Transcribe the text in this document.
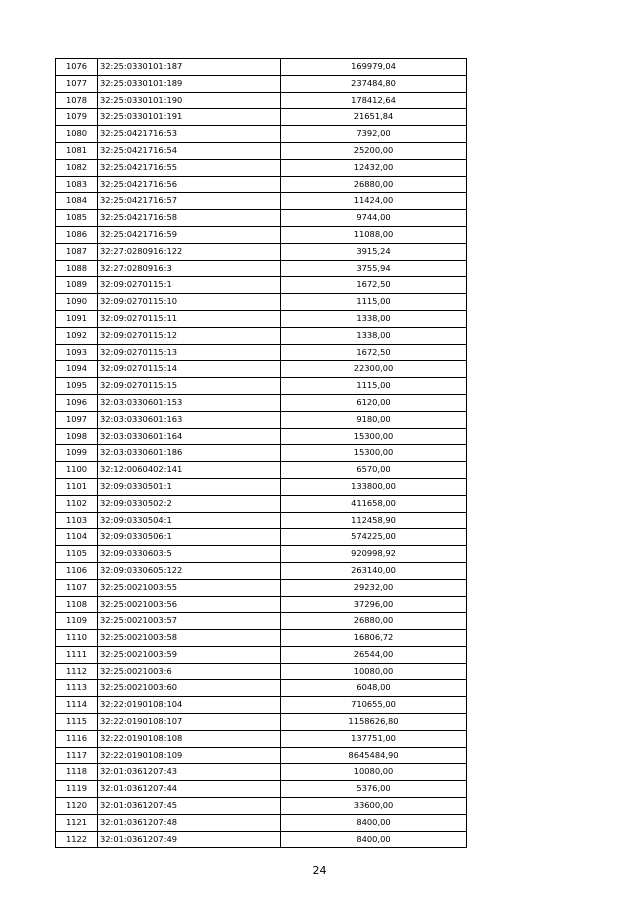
1076	32:25:0330101:187	169979,04
1077	32:25:0330101:189	237484,80
1078	32:25:0330101:190	178412,64
1079	32:25:0330101:191	21651,84
1080	32:25:0421716:53	7392,00
1081	32:25:0421716:54	25200,00
1082	32:25:0421716:55	12432,00
1083	32:25:0421716:56	26880,00
1084	32:25:0421716:57	11424,00
1085	32:25:0421716:58	9744,00
1086	32:25:0421716:59	11088,00
1087	32:27:0280916:122	3915,24
1088	32:27:0280916:3	3755,94
1089	32:09:0270115:1	1672,50
1090	32:09:0270115:10	1115,00
1091	32:09:0270115:11	1338,00
1092	32:09:0270115:12	1338,00
1093	32:09:0270115:13	1672,50
1094	32:09:0270115:14	22300,00
1095	32:09:0270115:15	1115,00
1096	32:03:0330601:153	6120,00
1097	32:03:0330601:163	9180,00
1098	32:03:0330601:164	15300,00
1099	32:03:0330601:186	15300,00
1100	32:12:0060402:141	6570,00
1101	32:09:0330501:1	133800,00
1102	32:09:0330502:2	411658,00
1103	32:09:0330504:1	112458,90
1104	32:09:0330506:1	574225,00
1105	32:09:0330603:5	920998,92
1106	32:09:0330605:122	263140,00
1107	32:25:0021003:55	29232,00
1108	32:25:0021003:56	37296,00
1109	32:25:0021003:57	26880,00
1110	32:25:0021003:58	16806,72
1111	32:25:0021003:59	26544,00
1112	32:25:0021003:6	10080,00
1113	32:25:0021003:60	6048,00
1114	32:22:0190108:104	710655,00
1115	32:22:0190108:107	1158626,80
1116	32:22:0190108:108	137751,00
1117	32:22:0190108:109	8645484,90
1118	32:01:0361207:43	10080,00
1119	32:01:0361207:44	5376,00
1120	32:01:0361207:45	33600,00
1121	32:01:0361207:48	8400,00
1122	32:01:0361207:49	8400,00
24
